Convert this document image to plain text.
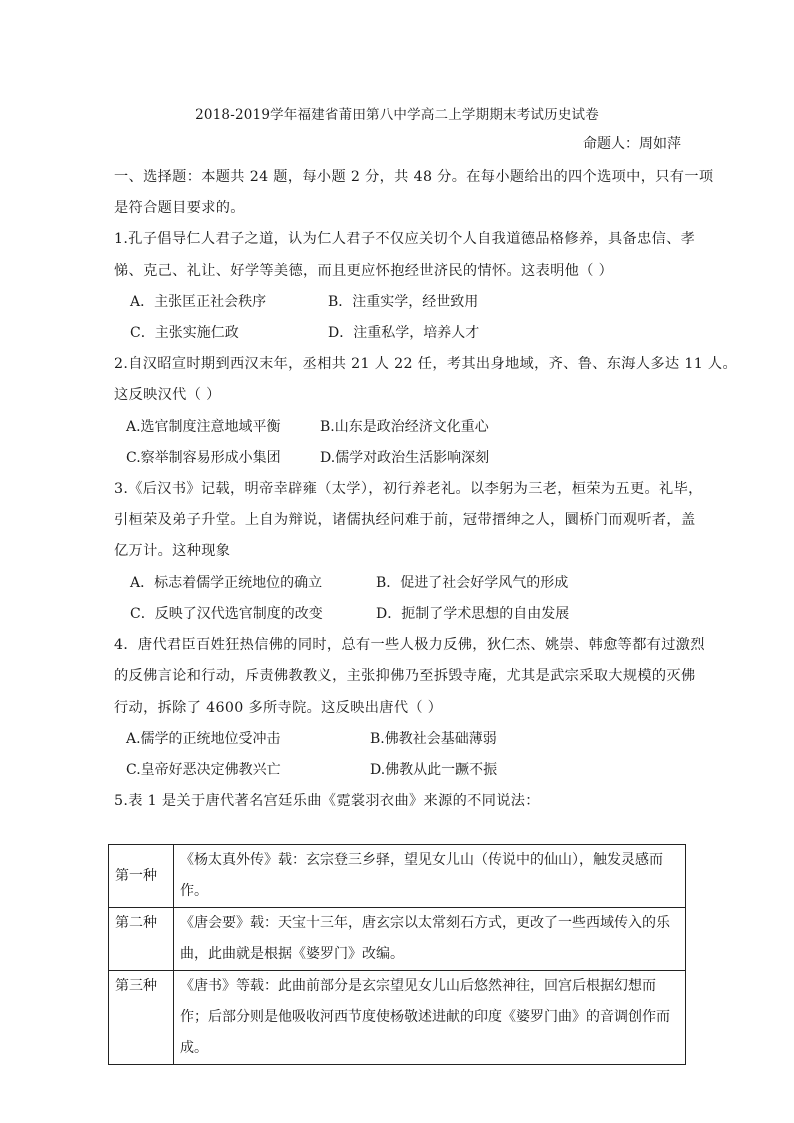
2018-2019学年福建省莆田第八中学高二上学期期末考试历史试卷
命题人：周如萍
一、选择题：本题共 24 题，每小题 2 分，共 48 分。在每小题给出的四个选项中，只有一项
是符合题目要求的。
1.孔子倡导仁人君子之道，认为仁人君子不仅应关切个人自我道德品格修养，具备忠信、孝
悌、克己、礼让、好学等美德，而且更应怀抱经世济民的情怀。这表明他（ ）
A．主张匡正社会秩序	B．注重实学，经世致用
C．主张实施仁政	D．注重私学，培养人才
2.自汉昭宣时期到西汉末年，丞相共 21 人 22 任，考其出身地域，齐、鲁、东海人多达 11 人。
这反映汉代（ ）
A.选官制度注意地域平衡	B.山东是政治经济文化重心
C.察举制容易形成小集团	D.儒学对政治生活影响深刻
3.《后汉书》记载，明帝幸辟雍（太学），初行养老礼。以李躬为三老，桓荣为五更。礼毕，
引桓荣及弟子升堂。上自为辩说，诸儒执经问难于前，冠带搢绅之人，圜桥门而观听者，盖
亿万计。这种现象
A．标志着儒学正统地位的确立	B．促进了社会好学风气的形成
C．反映了汉代选官制度的改变	D．扼制了学术思想的自由发展
4．唐代君臣百姓狂热信佛的同时，总有一些人极力反佛，狄仁杰、姚崇、韩愈等都有过激烈
的反佛言论和行动，斥责佛教教义，主张抑佛乃至拆毁寺庵，尤其是武宗采取大规模的灭佛
行动，拆除了 4600 多所寺院。这反映出唐代（ ）
A.儒学的正统地位受冲击	B.佛教社会基础薄弱
C.皇帝好恶决定佛教兴亡	D.佛教从此一蹶不振
5.表 1 是关于唐代著名宫廷乐曲《霓裳羽衣曲》来源的不同说法：
第一种	《杨太真外传》载：玄宗登三乡驿，望见女儿山（传说中的仙山），触发灵感而作。
第二种	《唐会要》载：天宝十三年，唐玄宗以太常刻石方式，更改了一些西域传入的乐曲，此曲就是根据《婆罗门》改编。
第三种	《唐书》等载：此曲前部分是玄宗望见女儿山后悠然神往，回宫后根据幻想而作；后部分则是他吸收河西节度使杨敬述进献的印度《婆罗门曲》的音调创作而成。
